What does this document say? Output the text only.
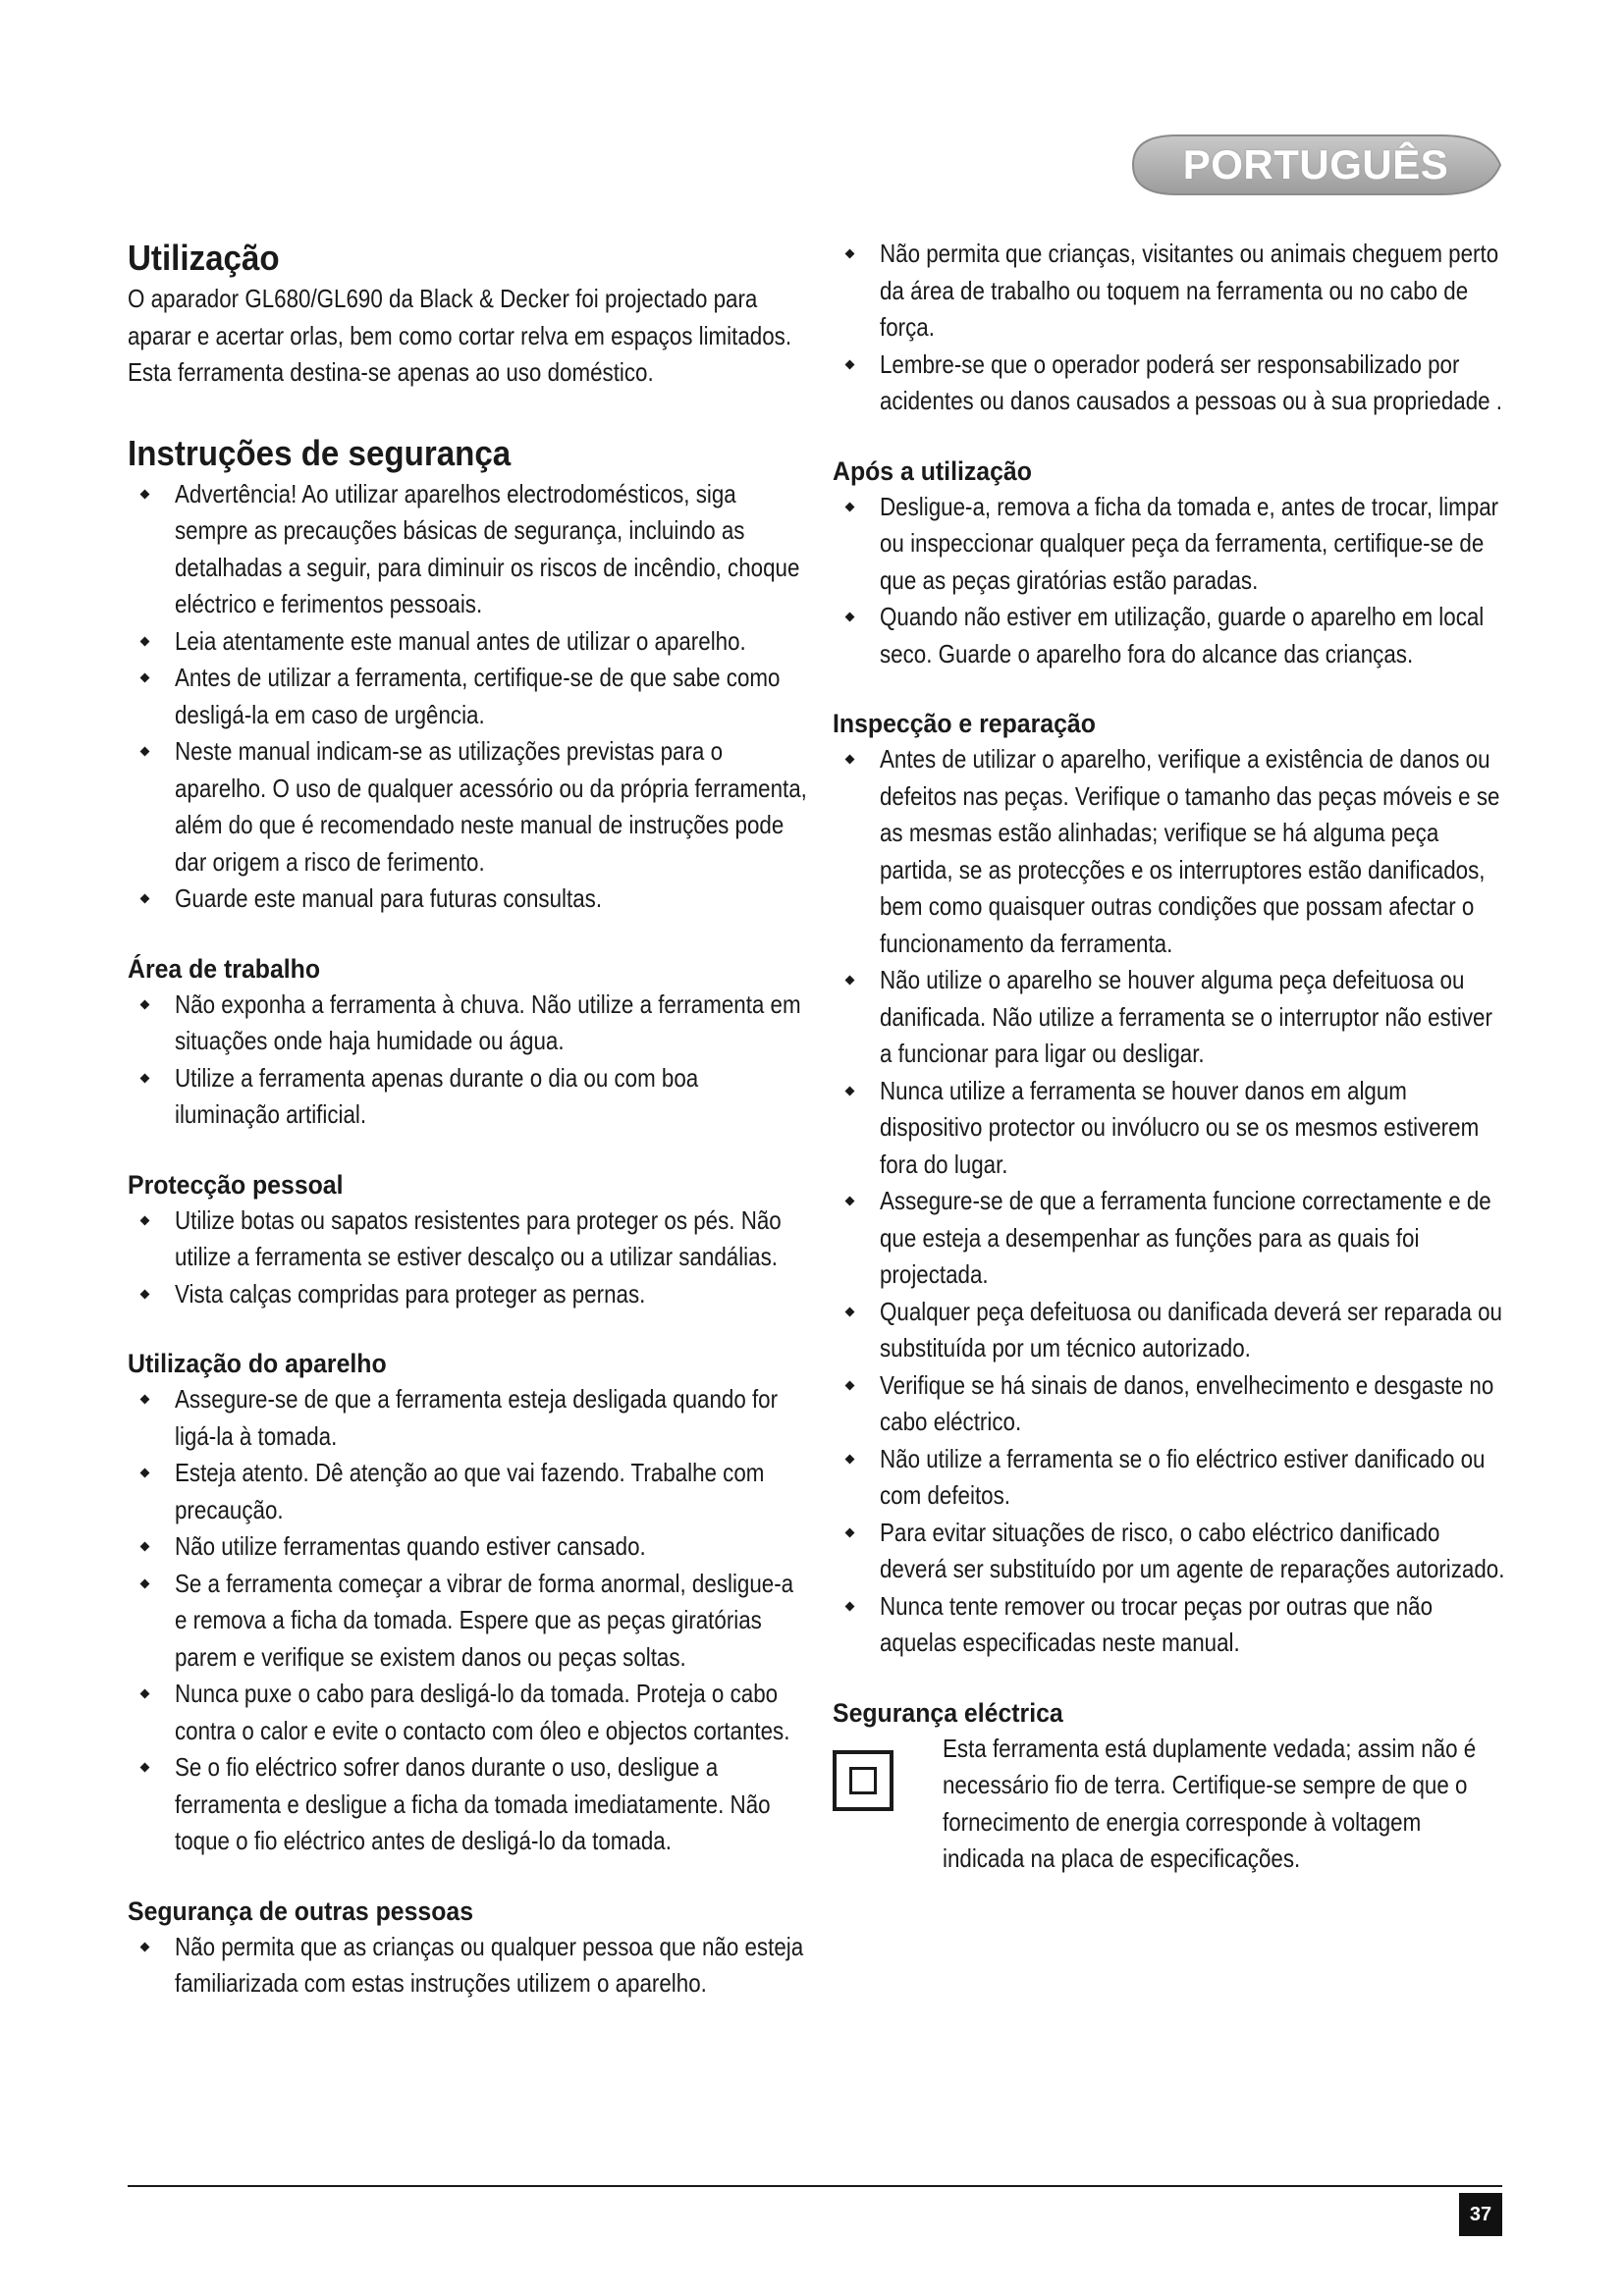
PORTUGUÊS
Utilização

O aparador GL680/GL690 da Black & Decker foi projectado para aparar e acertar orlas, bem como cortar relva em espaços limitados. Esta ferramenta destina-se apenas ao uso doméstico.

Instruções de segurança
Advertência! Ao utilizar aparelhos electrodomésticos, siga sempre as precauções básicas de segurança, incluindo as detalhadas a seguir, para diminuir os riscos de incêndio, choque eléctrico e ferimentos pessoais.
Leia atentamente este manual antes de utilizar o aparelho.
Antes de utilizar a ferramenta, certifique-se de que sabe como desligá-la em caso de urgência.
Neste manual indicam-se as utilizações previstas para o aparelho. O uso de qualquer acessório ou da própria ferramenta, além do que é recomendado neste manual de instruções pode dar origem a risco de ferimento.
Guarde este manual para futuras consultas.
Área de trabalho
Não exponha a ferramenta à chuva. Não utilize a ferramenta em situações onde haja humidade ou água.
Utilize a ferramenta apenas durante o dia ou com boa iluminação artificial.
Protecção pessoal
Utilize botas ou sapatos resistentes para proteger os pés. Não utilize a ferramenta se estiver descalço ou a utilizar sandálias.
Vista calças compridas para proteger as pernas.
Utilização do aparelho
Assegure-se de que a ferramenta esteja desligada quando for ligá-la à tomada.
Esteja atento. Dê atenção ao que vai fazendo. Trabalhe com precaução.
Não utilize ferramentas quando estiver cansado.
Se a ferramenta começar a vibrar de forma anormal, desligue-a e remova a ficha da tomada. Espere que as peças giratórias parem e verifique se existem danos ou peças soltas.
Nunca puxe o cabo para desligá-lo da tomada. Proteja o cabo contra o calor e evite o contacto com óleo e objectos cortantes.
Se o fio eléctrico sofrer danos durante o uso, desligue a ferramenta e desligue a ficha da tomada imediatamente. Não toque o fio eléctrico antes de desligá-lo da tomada.
Segurança de outras pessoas
Não permita que as crianças ou qualquer pessoa que não esteja familiarizada com estas instruções utilizem o aparelho.
Não permita que crianças, visitantes ou animais cheguem perto da área de trabalho ou toquem na ferramenta ou no cabo de força.
Lembre-se que o operador poderá ser responsabilizado por acidentes ou danos causados a pessoas ou à sua propriedade .
Após a utilização
Desligue-a, remova a ficha da tomada e, antes de trocar, limpar ou inspeccionar qualquer peça da ferramenta, certifique-se de que as peças giratórias estão paradas.
Quando não estiver em utilização, guarde o aparelho em local seco. Guarde o aparelho fora do alcance das crianças.
Inspecção e reparação
Antes de utilizar o aparelho, verifique a existência de danos ou defeitos nas peças. Verifique o tamanho das peças móveis e se as mesmas estão alinhadas; verifique se há alguma peça partida, se as protecções e os interruptores estão danificados, bem como quaisquer outras condições que possam afectar o funcionamento da ferramenta.
Não utilize o aparelho se houver alguma peça defeituosa ou danificada. Não utilize a ferramenta se o interruptor não estiver a funcionar para ligar ou desligar.
Nunca utilize a ferramenta se houver danos em algum dispositivo protector ou invólucro ou se os mesmos estiverem fora do lugar.
Assegure-se de que a ferramenta funcione correctamente e de que esteja a desempenhar as funções para as quais foi projectada.
Qualquer peça defeituosa ou danificada deverá ser reparada ou substituída por um técnico autorizado.
Verifique se há sinais de danos, envelhecimento e desgaste no cabo eléctrico.
Não utilize a ferramenta se o fio eléctrico estiver danificado ou com defeitos.
Para evitar situações de risco, o cabo eléctrico danificado deverá ser substituído por um agente de reparações autorizado.
Nunca tente remover ou trocar peças por outras que não aquelas especificadas neste manual.
Segurança eléctrica

Esta ferramenta está duplamente vedada; assim não é necessário fio de terra. Certifique-se sempre de que o fornecimento de energia corresponde à voltagem indicada na placa de especificações.

37
